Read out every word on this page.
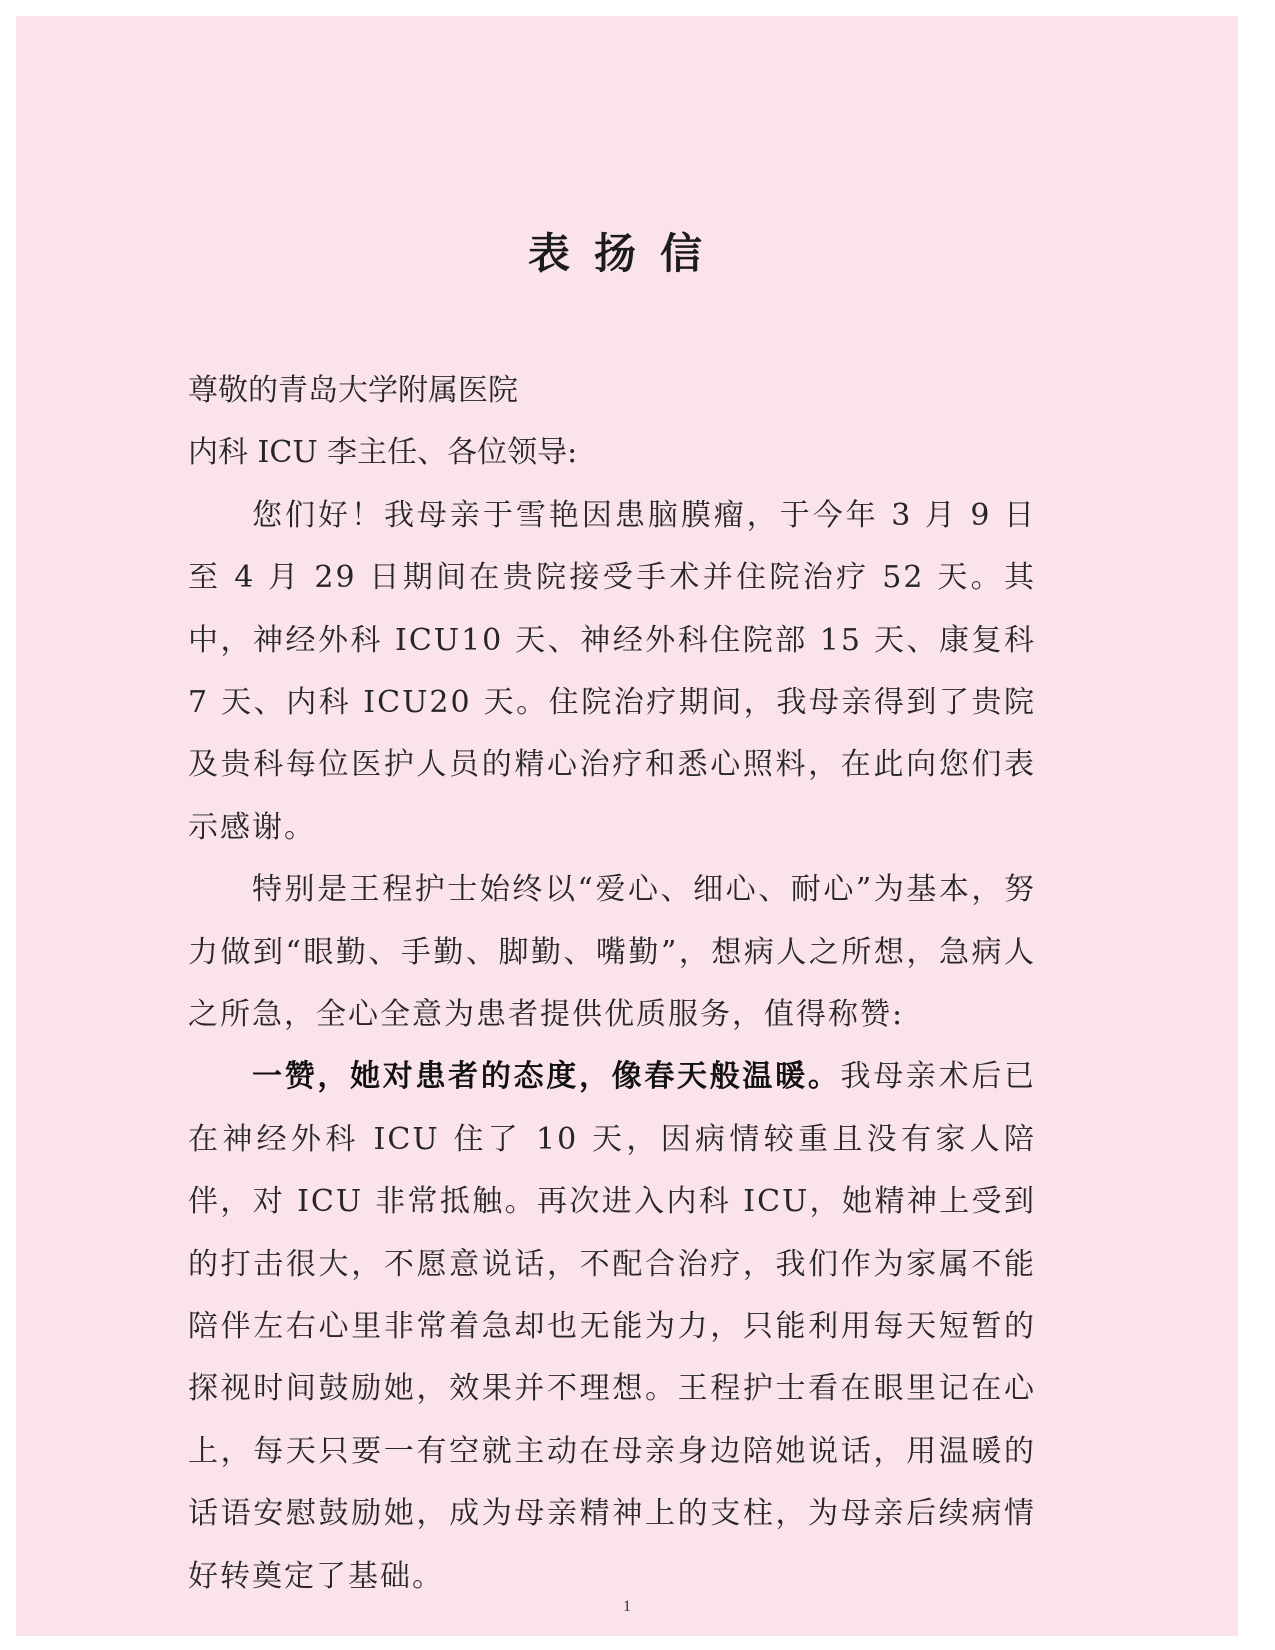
表扬信
尊敬的青岛大学附属医院
内科 ICU 李主任、各位领导:

您们好！我母亲于雪艳因患脑膜瘤，于今年 3 月 9 日至 4 月 29 日期间在贵院接受手术并住院治疗 52 天。其中，神经外科 ICU10 天、神经外科住院部 15 天、康复科 7 天、内科 ICU20 天。住院治疗期间，我母亲得到了贵院及贵科每位医护人员的精心治疗和悉心照料，在此向您们表示感谢。

特别是王程护士始终以“爱心、细心、耐心”为基本，努力做到“眼勤、手勤、脚勤、嘴勤”，想病人之所想，急病人之所急，全心全意为患者提供优质服务，值得称赞:

一赞，她对患者的态度，像春天般温暖。我母亲术后已在神经外科 ICU 住了 10 天，因病情较重且没有家人陪伴，对 ICU 非常抵触。再次进入内科 ICU，她精神上受到的打击很大，不愿意说话，不配合治疗，我们作为家属不能陪伴左右心里非常着急却也无能为力，只能利用每天短暂的探视时间鼓励她，效果并不理想。王程护士看在眼里记在心上，每天只要一有空就主动在母亲身边陪她说话，用温暖的话语安慰鼓励她，成为母亲精神上的支柱，为母亲后续病情好转奠定了基础。

1
